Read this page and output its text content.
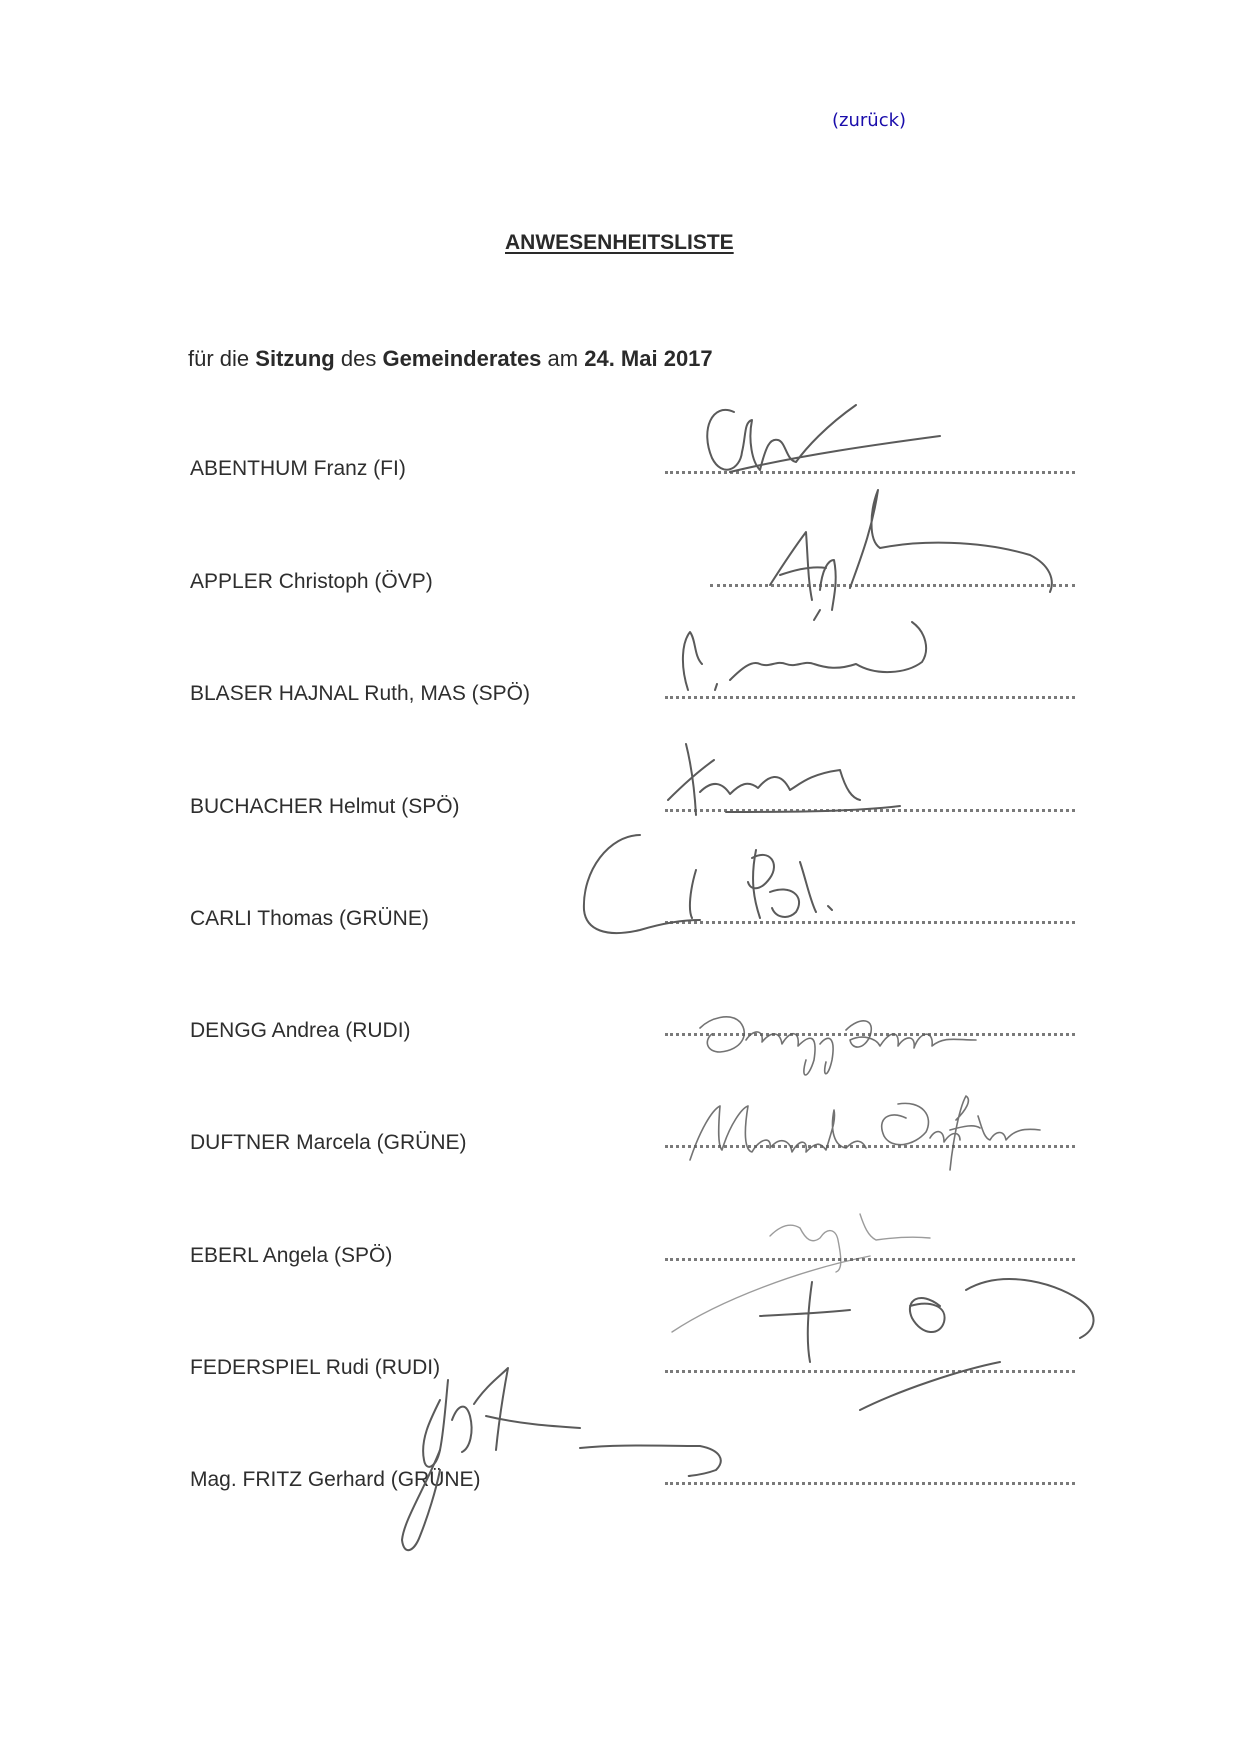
(zurück)
ANWESENHEITSLISTE
für die Sitzung des Gemeinderates am 24. Mai 2017
ABENTHUM Franz (FI)
APPLER Christoph (ÖVP)
BLASER HAJNAL Ruth, MAS (SPÖ)
BUCHACHER Helmut (SPÖ)
CARLI Thomas (GRÜNE)
DENGG Andrea (RUDI)
DUFTNER Marcela (GRÜNE)
EBERL Angela (SPÖ)
FEDERSPIEL Rudi (RUDI)
Mag. FRITZ Gerhard (GRÜNE)
